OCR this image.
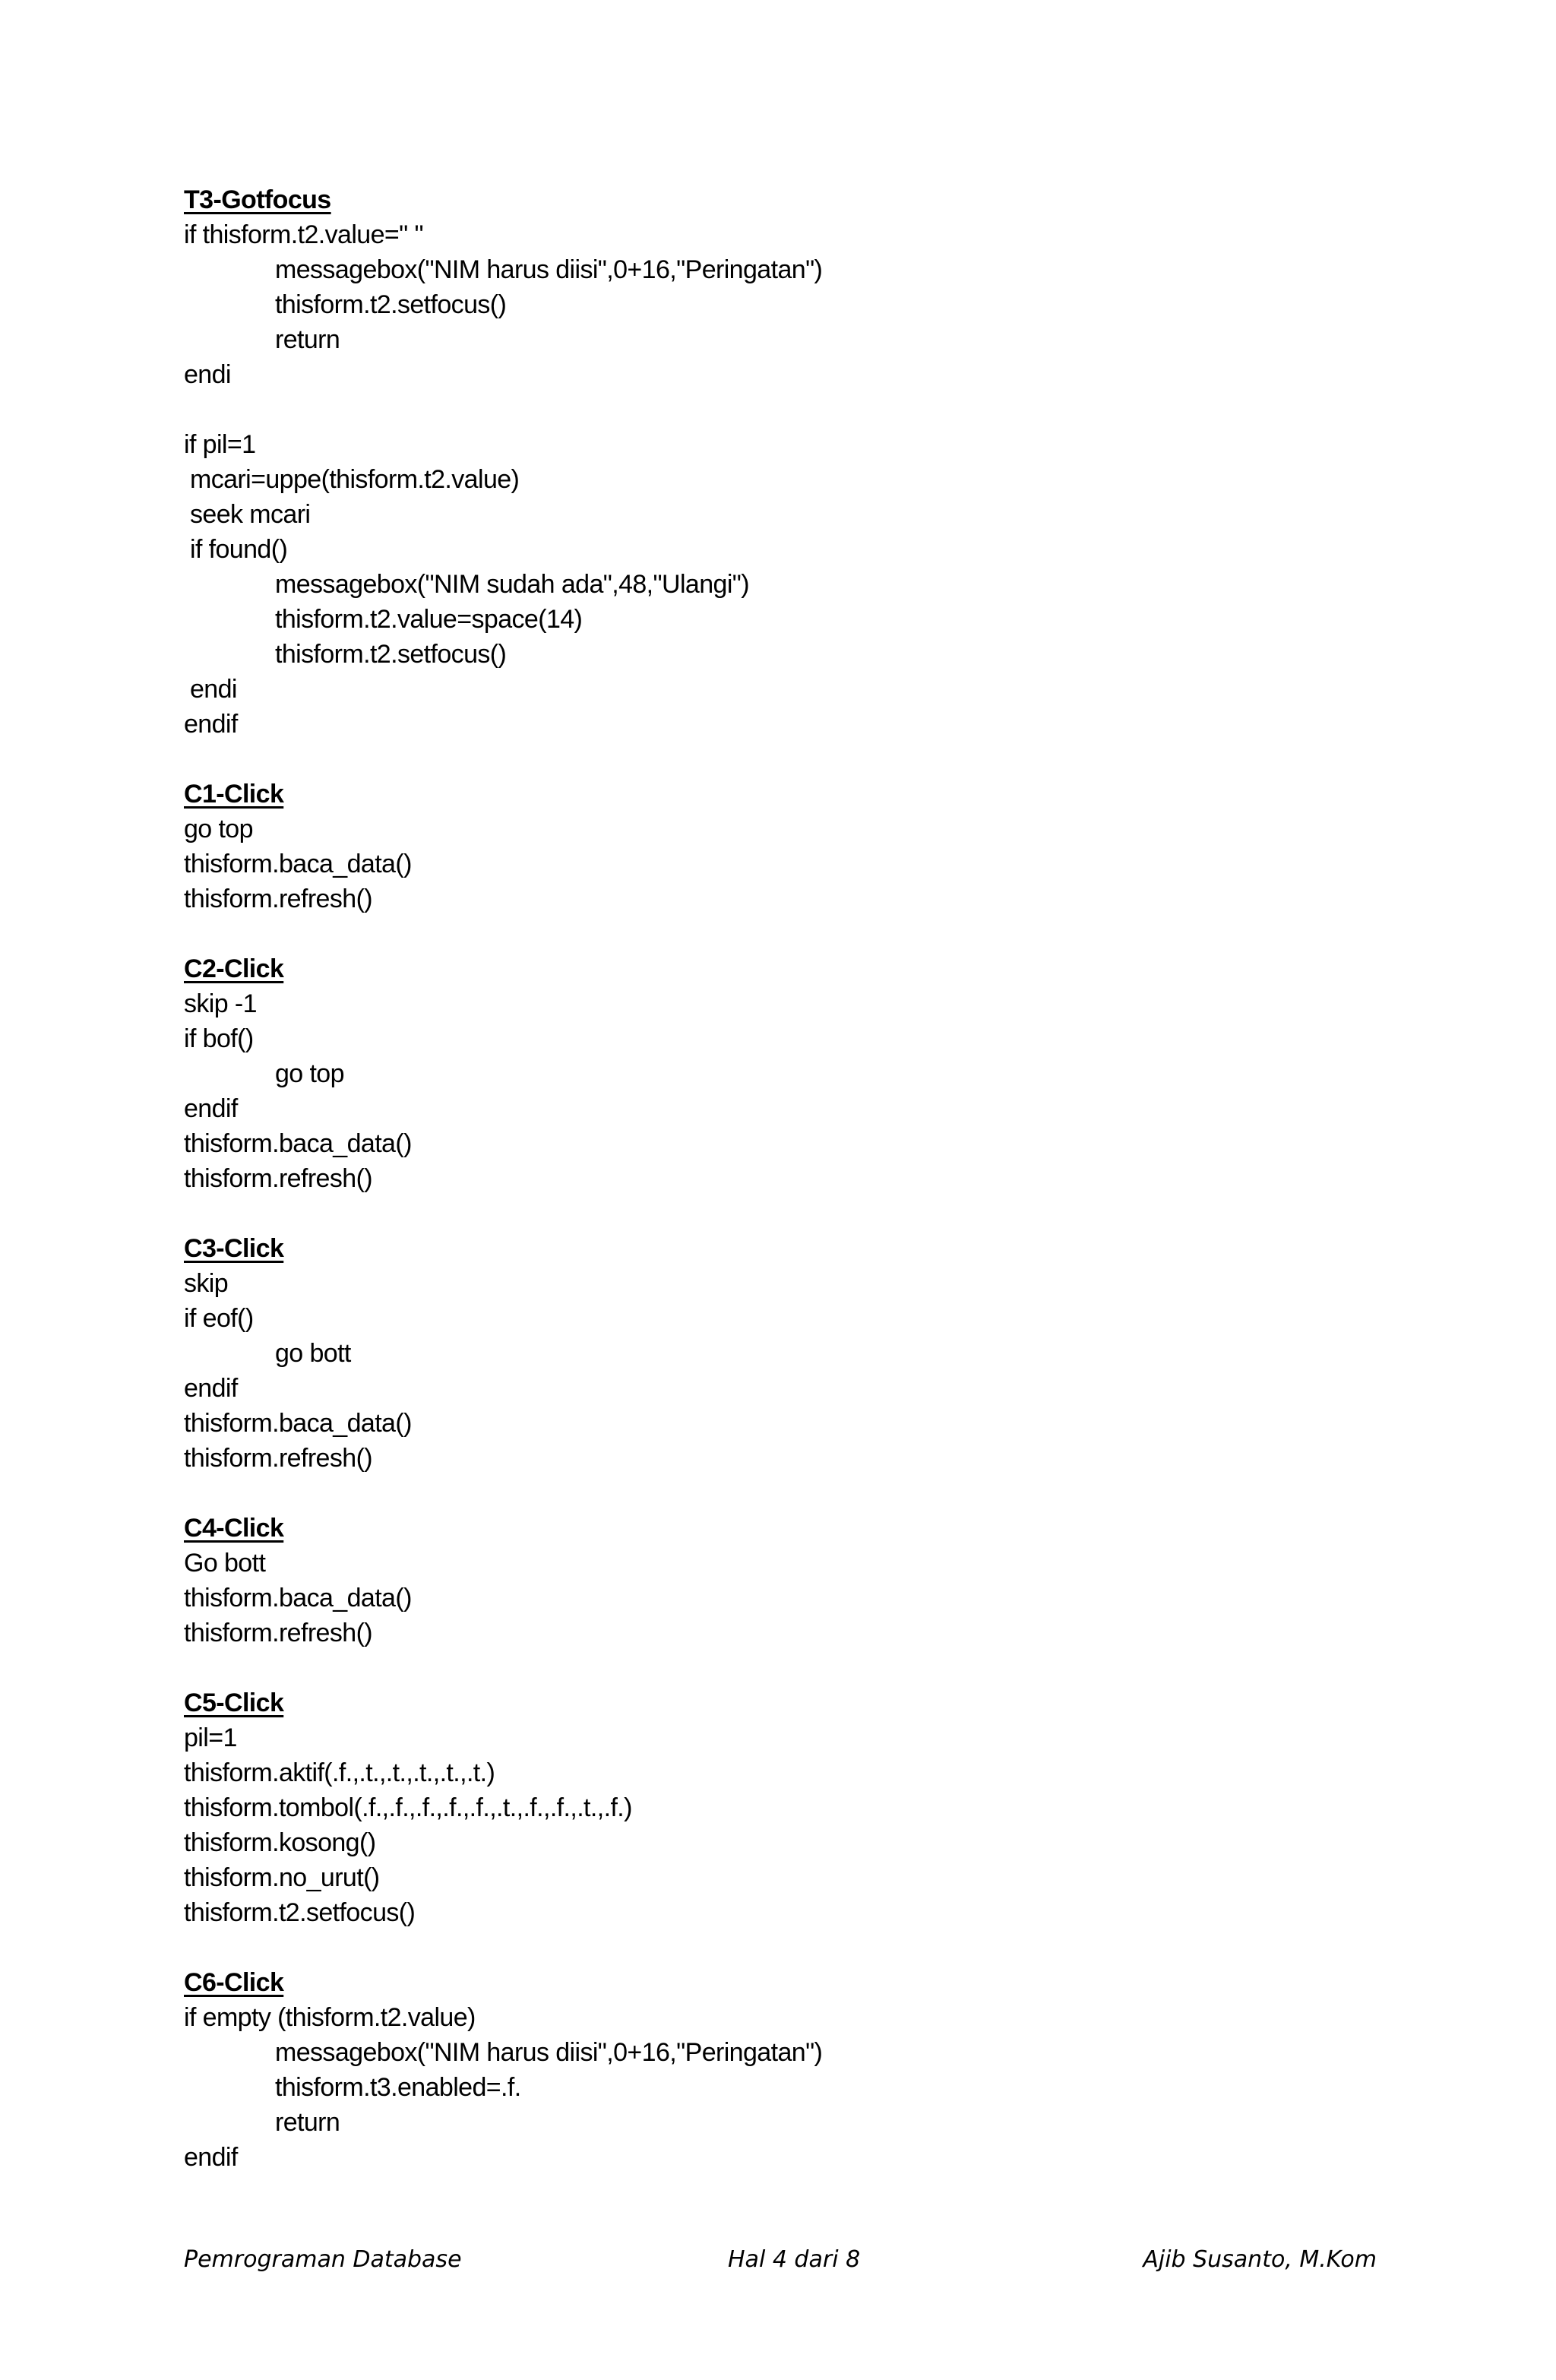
T3-Gotfocus
if thisform.t2.value=" "
messagebox("NIM harus diisi",0+16,"Peringatan")
thisform.t2.setfocus()
return
endi
if pil=1
mcari=uppe(thisform.t2.value)
seek mcari
if found()
messagebox("NIM sudah ada",48,"Ulangi")
thisform.t2.value=space(14)
thisform.t2.setfocus()
endi
endif
C1-Click
go top
thisform.baca_data()
thisform.refresh()
C2-Click
skip -1
if bof()
go top
endif
thisform.baca_data()
thisform.refresh()
C3-Click
skip
if eof()
go bott
endif
thisform.baca_data()
thisform.refresh()
C4-Click
Go bott
thisform.baca_data()
thisform.refresh()
C5-Click
pil=1
thisform.aktif(.f.,.t.,.t.,.t.,.t.,.t.)
thisform.tombol(.f.,.f.,.f.,.f.,.f.,.t.,.f.,.f.,.t.,.f.)
thisform.kosong()
thisform.no_urut()
thisform.t2.setfocus()
C6-Click
if empty (thisform.t2.value)
messagebox("NIM harus diisi",0+16,"Peringatan")
thisform.t3.enabled=.f.
return
endif
Pemrograman Database	Hal 4 dari 8	Ajib Susanto, M.Kom
